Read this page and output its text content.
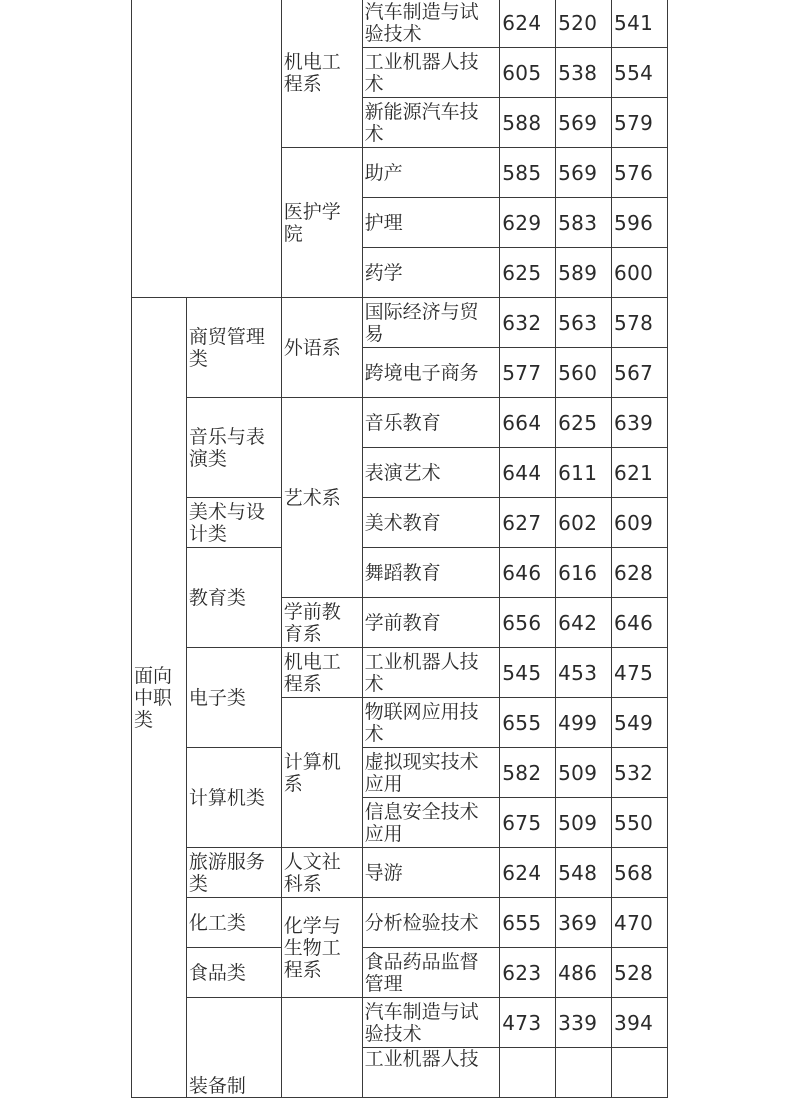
		机电工程系	汽车制造与试验技术	624	520	541
			工业机器人技术	605	538	554
			新能源汽车技术	588	569	579
		医护学院	助产	585	569	576
			护理	629	583	596
			药学	625	589	600
面向中职类	商贸管理类	外语系	国际经济与贸易	632	563	578
			跨境电子商务	577	560	567
	音乐与表演类	艺术系	音乐教育	664	625	639
			表演艺术	644	611	621
	美术与设计类		美术教育	627	602	609
	教育类		舞蹈教育	646	616	628
		学前教育系	学前教育	656	642	646
	电子类	机电工程系	工业机器人技术	545	453	475
		计算机系	物联网应用技术	655	499	549
	计算机类		虚拟现实技术应用	582	509	532
			信息安全技术应用	675	509	550
	旅游服务类	人文社科系	导游	624	548	568
	化工类	化学与生物工程系	分析检验技术	655	369	470
	食品类		食品药品监督管理	623	486	528
	装备制		汽车制造与试验技术	473	339	394
			工业机器人技			
